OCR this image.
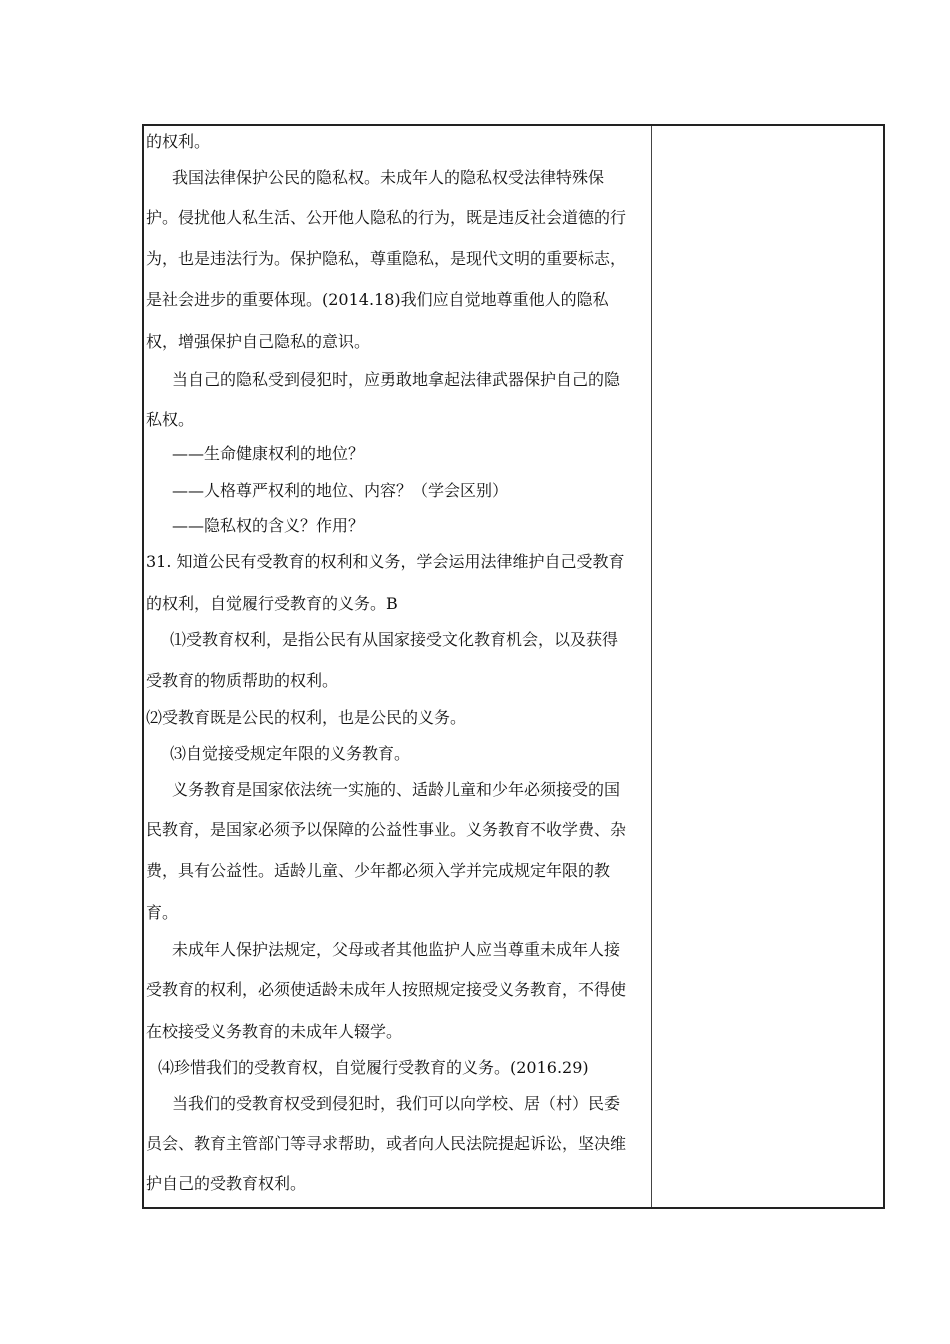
的权利。
我国法律保护公民的隐私权。未成年人的隐私权受法律特殊保
护。侵扰他人私生活、公开他人隐私的行为，既是违反社会道德的行
为，也是违法行为。保护隐私，尊重隐私，是现代文明的重要标志，
是社会进步的重要体现。(2014.18)我们应自觉地尊重他人的隐私
权，增强保护自己隐私的意识。
当自己的隐私受到侵犯时，应勇敢地拿起法律武器保护自己的隐
私权。
——生命健康权利的地位？
——人格尊严权利的地位、内容？（学会区别）
——隐私权的含义？作用？
31. 知道公民有受教育的权利和义务，学会运用法律维护自己受教育
的权利，自觉履行受教育的义务。B
⑴受教育权利，是指公民有从国家接受文化教育机会，以及获得
受教育的物质帮助的权利。
⑵受教育既是公民的权利，也是公民的义务。
⑶自觉接受规定年限的义务教育。
义务教育是国家依法统一实施的、适龄儿童和少年必须接受的国
民教育，是国家必须予以保障的公益性事业。义务教育不收学费、杂
费，具有公益性。适龄儿童、少年都必须入学并完成规定年限的教
育。
未成年人保护法规定，父母或者其他监护人应当尊重未成年人接
受教育的权利，必须使适龄未成年人按照规定接受义务教育，不得使
在校接受义务教育的未成年人辍学。
⑷珍惜我们的受教育权，自觉履行受教育的义务。(2016.29)
当我们的受教育权受到侵犯时，我们可以向学校、居（村）民委
员会、教育主管部门等寻求帮助，或者向人民法院提起诉讼，坚决维
护自己的受教育权利。
